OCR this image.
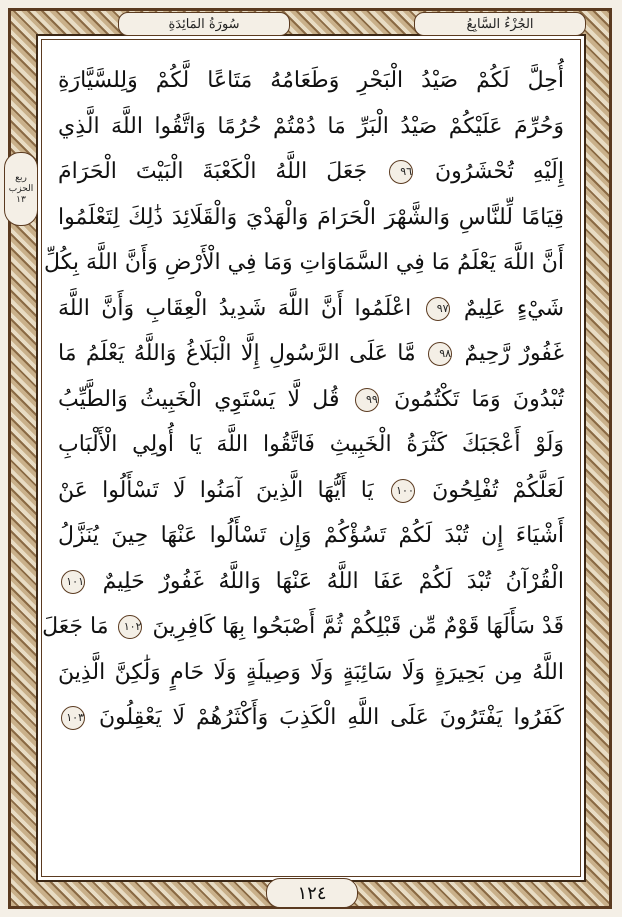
الجُزْءُ السَّابِعُ
سُورَةُ المَائِدَةِ
ربع
الحزب
١٣
أُحِلَّ لَكُمْ صَيْدُ الْبَحْرِ وَطَعَامُهُ مَتَاعًا لَّكُمْ وَلِلسَّيَّارَةِ
وَحُرِّمَ عَلَيْكُمْ صَيْدُ الْبَرِّ مَا دُمْتُمْ حُرُمًا وَاتَّقُوا اللَّهَ الَّذِي
إِلَيْهِ تُحْشَرُونَ ٩٦ جَعَلَ اللَّهُ الْكَعْبَةَ الْبَيْتَ الْحَرَامَ
قِيَامًا لِّلنَّاسِ وَالشَّهْرَ الْحَرَامَ وَالْهَدْيَ وَالْقَلَائِدَ ذَٰلِكَ لِتَعْلَمُوا
أَنَّ اللَّهَ يَعْلَمُ مَا فِي السَّمَاوَاتِ وَمَا فِي الْأَرْضِ وَأَنَّ اللَّهَ بِكُلِّ
شَيْءٍ عَلِيمٌ ٩٧ اعْلَمُوا أَنَّ اللَّهَ شَدِيدُ الْعِقَابِ وَأَنَّ اللَّهَ
غَفُورٌ رَّحِيمٌ ٩٨ مَّا عَلَى الرَّسُولِ إِلَّا الْبَلَاغُ وَاللَّهُ يَعْلَمُ مَا
تُبْدُونَ وَمَا تَكْتُمُونَ ٩٩ قُل لَّا يَسْتَوِي الْخَبِيثُ وَالطَّيِّبُ
وَلَوْ أَعْجَبَكَ كَثْرَةُ الْخَبِيثِ فَاتَّقُوا اللَّهَ يَا أُولِي الْأَلْبَابِ
لَعَلَّكُمْ تُفْلِحُونَ ١٠٠ يَا أَيُّهَا الَّذِينَ آمَنُوا لَا تَسْأَلُوا عَنْ
أَشْيَاءَ إِن تُبْدَ لَكُمْ تَسُؤْكُمْ وَإِن تَسْأَلُوا عَنْهَا حِينَ يُنَزَّلُ
الْقُرْآنُ تُبْدَ لَكُمْ عَفَا اللَّهُ عَنْهَا وَاللَّهُ غَفُورٌ حَلِيمٌ ١٠١
قَدْ سَأَلَهَا قَوْمٌ مِّن قَبْلِكُمْ ثُمَّ أَصْبَحُوا بِهَا كَافِرِينَ ١٠٢ مَا جَعَلَ
اللَّهُ مِن بَحِيرَةٍ وَلَا سَائِبَةٍ وَلَا وَصِيلَةٍ وَلَا حَامٍ وَلَٰكِنَّ الَّذِينَ
كَفَرُوا يَفْتَرُونَ عَلَى اللَّهِ الْكَذِبَ وَأَكْثَرُهُمْ لَا يَعْقِلُونَ ١٠٣
١٢٤
